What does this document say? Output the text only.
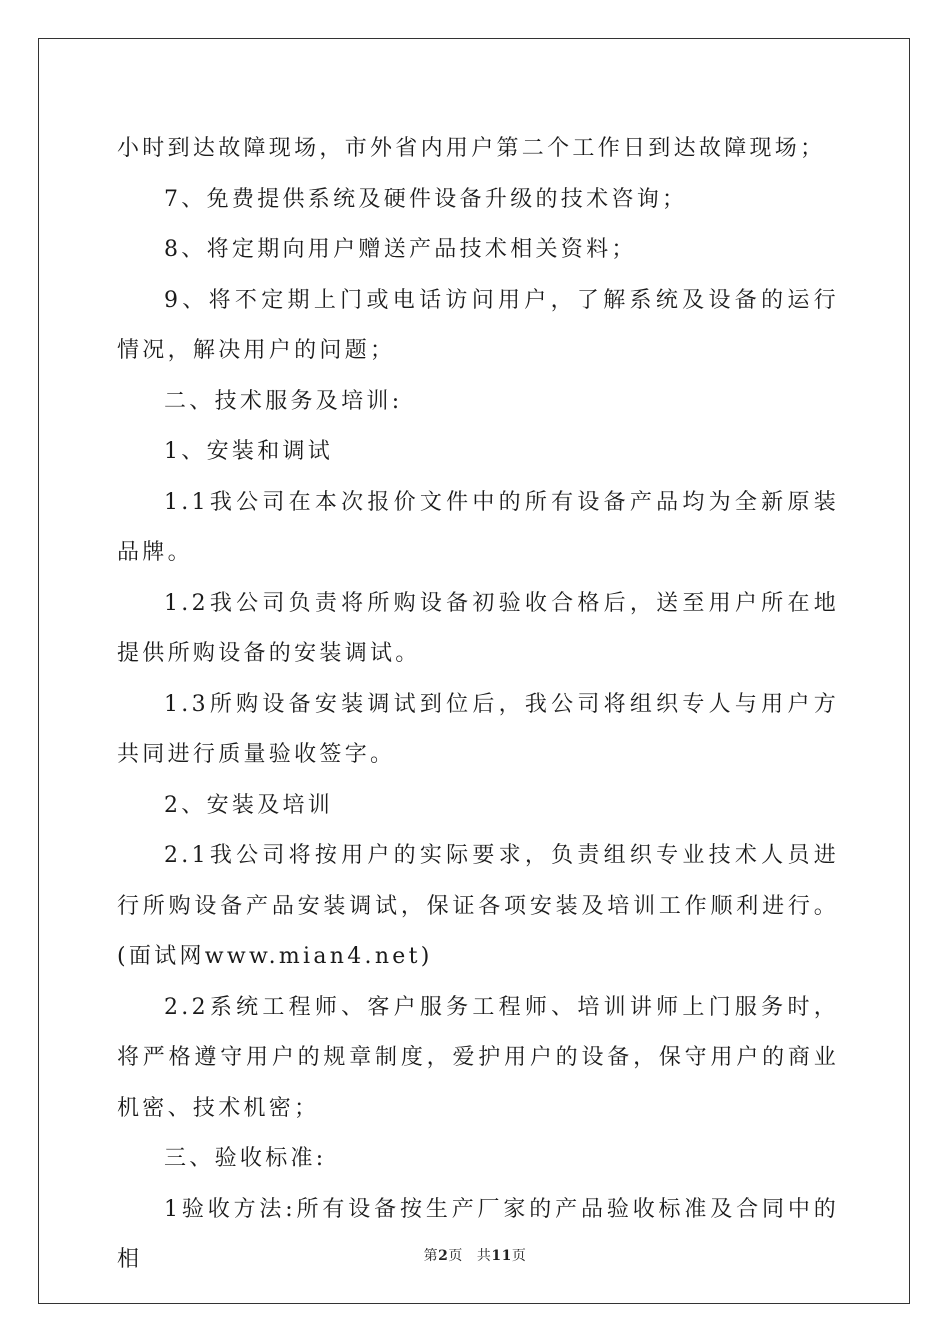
小时到达故障现场，市外省内用户第二个工作日到达故障现场；

7、免费提供系统及硬件设备升级的技术咨询；

8、将定期向用户赠送产品技术相关资料；

9、将不定期上门或电话访问用户，了解系统及设备的运行情况，解决用户的问题；

二、技术服务及培训:

1、安装和调试

1.1我公司在本次报价文件中的所有设备产品均为全新原装品牌。

1.2我公司负责将所购设备初验收合格后，送至用户所在地提供所购设备的安装调试。

1.3所购设备安装调试到位后，我公司将组织专人与用户方共同进行质量验收签字。

2、安装及培训

2.1我公司将按用户的实际要求，负责组织专业技术人员进行所购设备产品安装调试，保证各项安装及培训工作顺利进行。(面试网www.mian4.net)

2.2系统工程师、客户服务工程师、培训讲师上门服务时，将严格遵守用户的规章制度，爱护用户的设备，保守用户的商业机密、技术机密；

三、验收标准:

1验收方法:所有设备按生产厂家的产品验收标准及合同中的相	第2页 共11页
